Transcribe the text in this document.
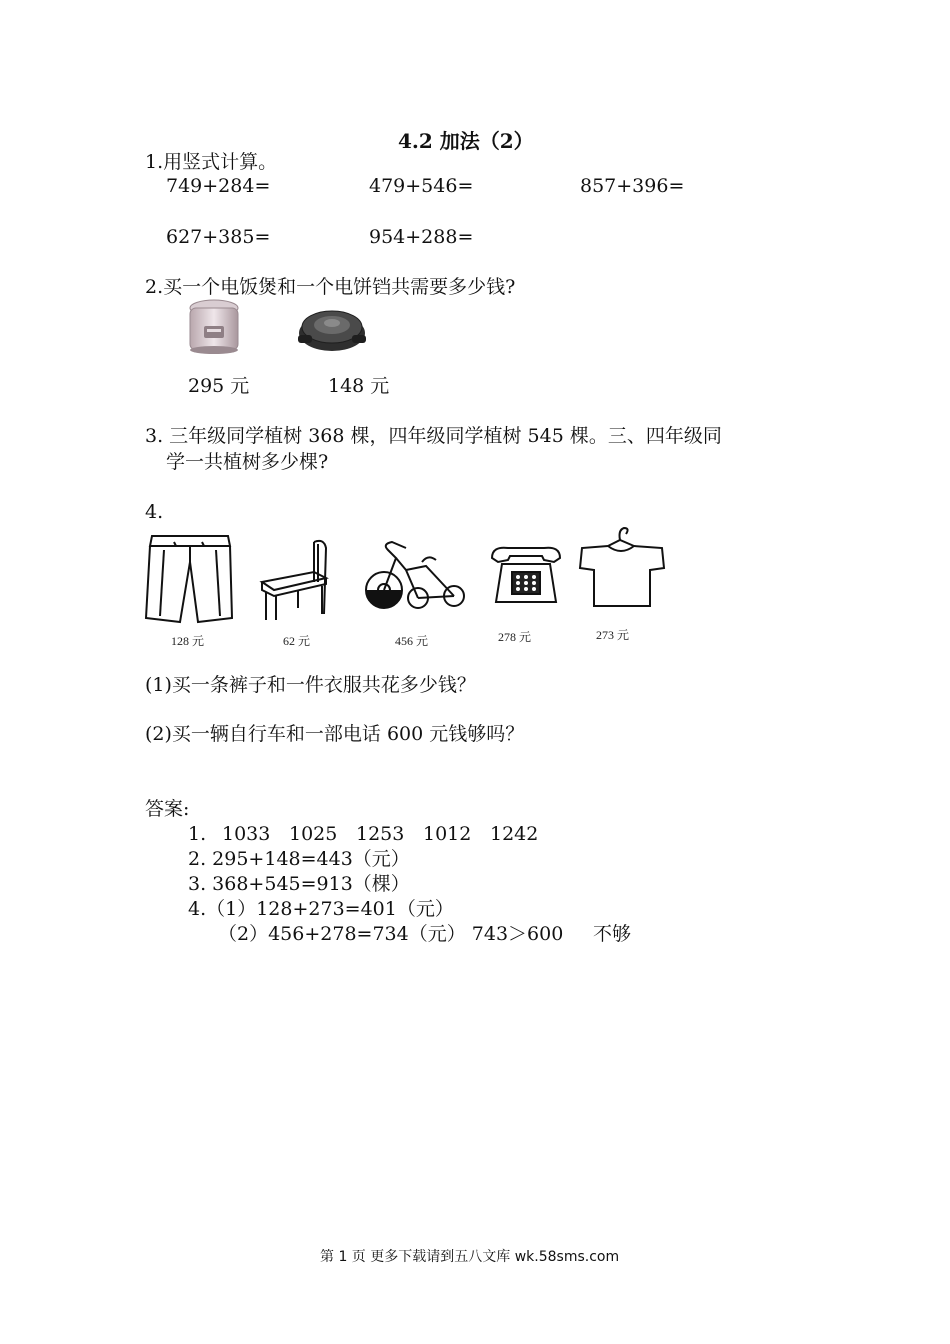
4.2 加法（2）
1.用竖式计算。
749+284=	479+546=	857+396=
627+385=	954+288=
2.买一个电饭煲和一个电饼铛共需要多少钱?
295 元	148 元
3. 三年级同学植树 368 棵，四年级同学植树 545 棵。三、四年级同
学一共植树多少棵?
4.
128 元	62 元	456 元	278 元	273 元
(1)买一条裤子和一件衣服共花多少钱？
(2)买一辆自行车和一部电话 600 元钱够吗？
答案:
1. 1033 1025 1253 1012 1242
2. 295+148=443（元）
3. 368+545=913（棵）
4.（1）128+273=401（元）
（2）456+278=734（元） 743＞600 不够
第 1 页 更多下载请到五八文库 wk.58sms.com
